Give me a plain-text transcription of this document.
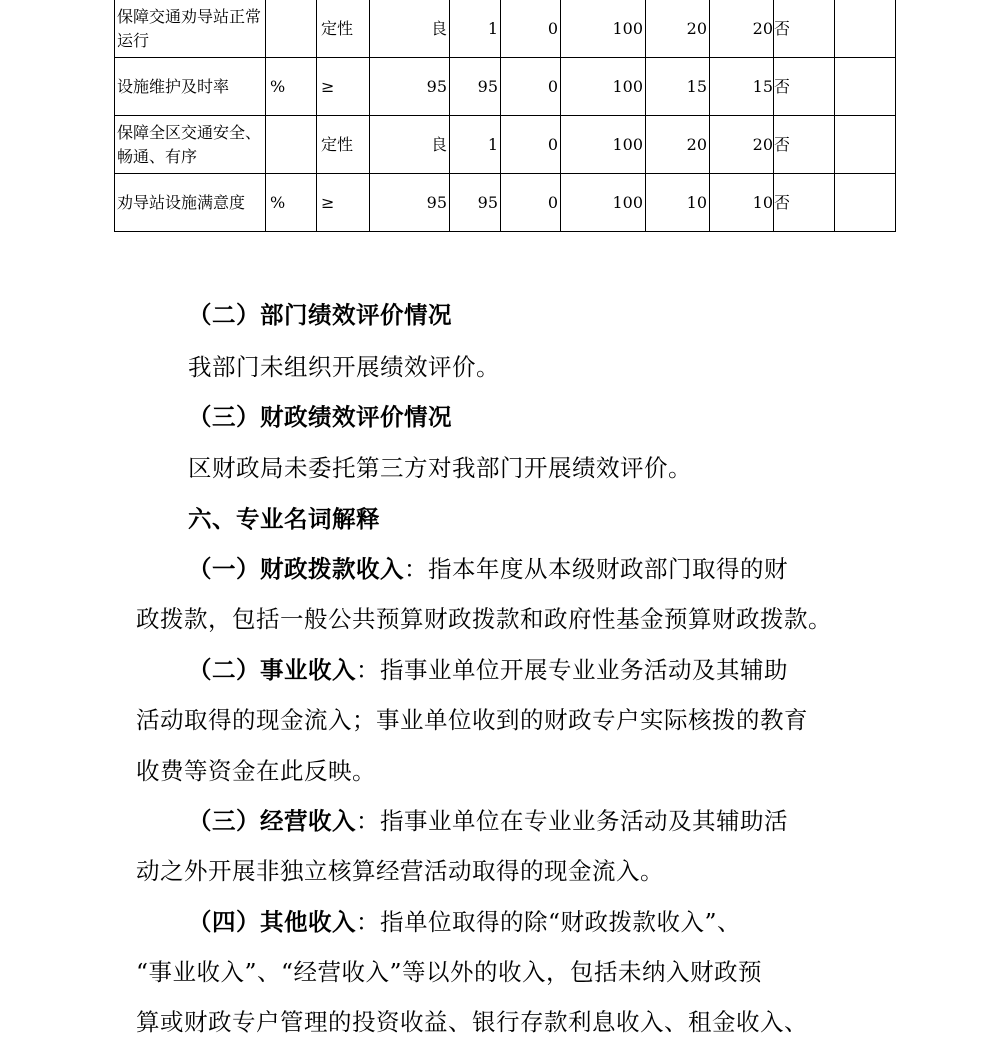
保障交通劝导站正常运行		定性	良	1	0	100	20	20	否	
设施维护及时率	%	≥	95	95	0	100	15	15	否	
保障全区交通安全、畅通、有序		定性	良	1	0	100	20	20	否	
劝导站设施满意度	%	≥	95	95	0	100	10	10	否	
（二）部门绩效评价情况
我部门未组织开展绩效评价。
（三）财政绩效评价情况
区财政局未委托第三方对我部门开展绩效评价。
六、专业名词解释
（一）财政拨款收入：指本年度从本级财政部门取得的财
政拨款，包括一般公共预算财政拨款和政府性基金预算财政拨款。
（二）事业收入：指事业单位开展专业业务活动及其辅助
活动取得的现金流入；事业单位收到的财政专户实际核拨的教育
收费等资金在此反映。
（三）经营收入：指事业单位在专业业务活动及其辅助活
动之外开展非独立核算经营活动取得的现金流入。
（四）其他收入：指单位取得的除“财政拨款收入”、
“事业收入”、“经营收入”等以外的收入，包括未纳入财政预
算或财政专户管理的投资收益、银行存款利息收入、租金收入、
